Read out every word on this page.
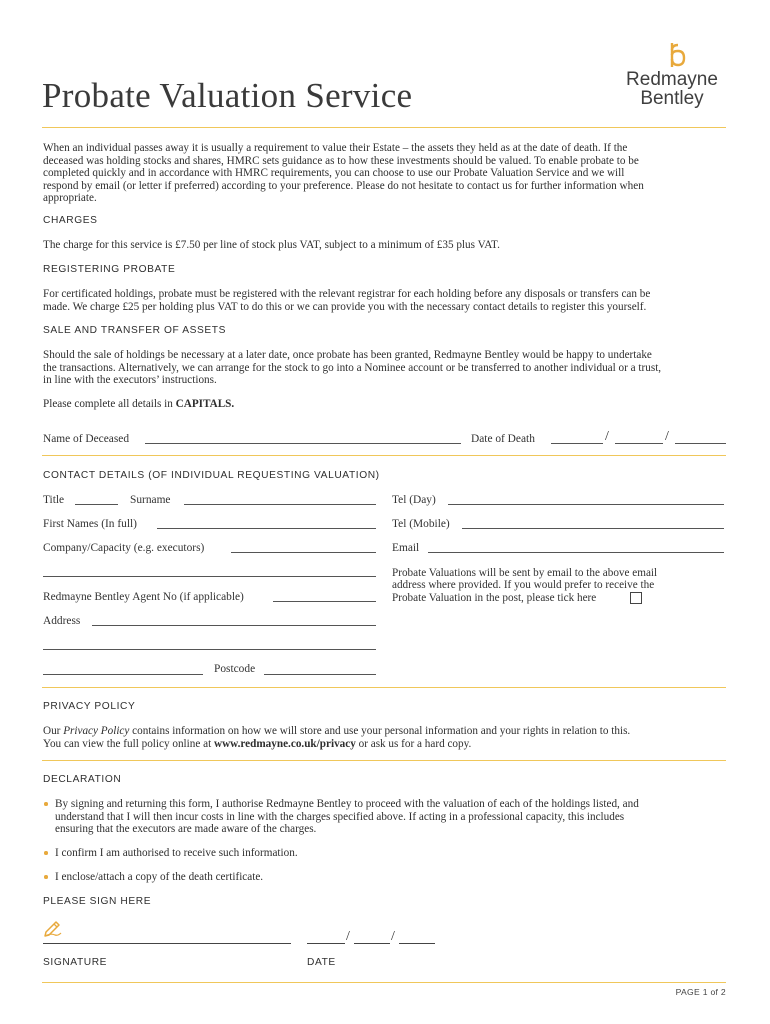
Probate Valuation Service	Redmayne
Bentley
When an individual passes away it is usually a requirement to value their Estate – the assets they held as at the date of death. If the
deceased was holding stocks and shares, HMRC sets guidance as to how these investments should be valued. To enable probate to be
completed quickly and in accordance with HMRC requirements, you can choose to use our Probate Valuation Service and we will
respond by email (or letter if preferred) according to your preference. Please do not hesitate to contact us for further information when
appropriate.
CHARGES
The charge for this service is £7.50 per line of stock plus VAT, subject to a minimum of £35 plus VAT.
REGISTERING PROBATE
For certificated holdings, probate must be registered with the relevant registrar for each holding before any disposals or transfers can be
made. We charge £25 per holding plus VAT to do this or we can provide you with the necessary contact details to register this yourself.
SALE AND TRANSFER OF ASSETS
Should the sale of holdings be necessary at a later date, once probate has been granted, Redmayne Bentley would be happy to undertake
the transactions. Alternatively, we can arrange for the stock to go into a Nominee account or be transferred to another individual or a trust,
in line with the executors’ instructions.
Please complete all details in CAPITALS.
Name of Deceased	Date of Death	/	/
CONTACT DETAILS (OF INDIVIDUAL REQUESTING VALUATION)
Title	Surname	Tel (Day)
First Names (In full)	Tel (Mobile)
Company/Capacity (e.g. executors)	Email
Probate Valuations will be sent by email to the above email
address where provided. If you would prefer to receive the
Probate Valuation in the post, please tick here
Redmayne Bentley Agent No (if applicable)
Address
Postcode
PRIVACY POLICY
Our Privacy Policy contains information on how we will store and use your personal information and your rights in relation to this.
You can view the full policy online at www.redmayne.co.uk/privacy or ask us for a hard copy.
DECLARATION
By signing and returning this form, I authorise Redmayne Bentley to proceed with the valuation of each of the holdings listed, and
understand that I will then incur costs in line with the charges specified above. If acting in a professional capacity, this includes
ensuring that the executors are made aware of the charges.
I confirm I am authorised to receive such information.
I enclose/attach a copy of the death certificate.
PLEASE SIGN HERE
/	/
SIGNATURE	DATE
PAGE 1 of 2
